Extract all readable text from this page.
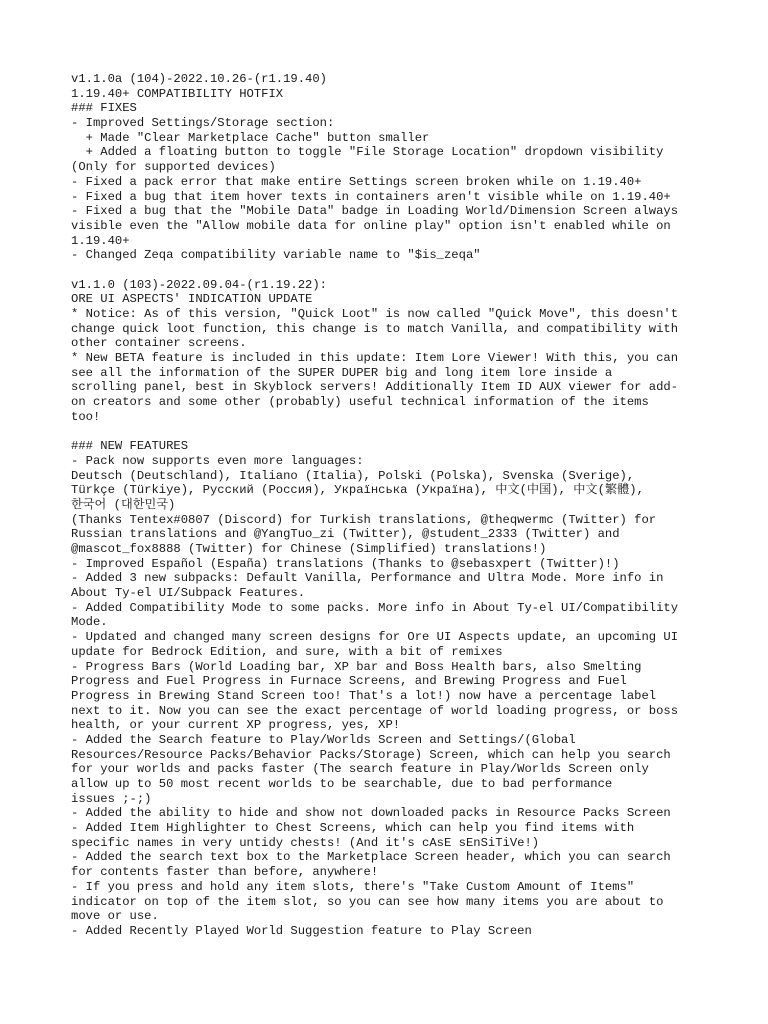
v1.1.0a (104)-2022.10.26-(r1.19.40)
1.19.40+ COMPATIBILITY HOTFIX
### FIXES
- Improved Settings/Storage section:
+ Made "Clear Marketplace Cache" button smaller
+ Added a floating button to toggle "File Storage Location" dropdown visibility
(Only for supported devices)
- Fixed a pack error that make entire Settings screen broken while on 1.19.40+
- Fixed a bug that item hover texts in containers aren't visible while on 1.19.40+
- Fixed a bug that the "Mobile Data" badge in Loading World/Dimension Screen always
visible even the "Allow mobile data for online play" option isn't enabled while on
1.19.40+
- Changed Zeqa compatibility variable name to "$is_zeqa"
v1.1.0 (103)-2022.09.04-(r1.19.22):
ORE UI ASPECTS' INDICATION UPDATE
* Notice: As of this version, "Quick Loot" is now called "Quick Move", this doesn't
change quick loot function, this change is to match Vanilla, and compatibility with
other container screens.
* New BETA feature is included in this update: Item Lore Viewer! With this, you can
see all the information of the SUPER DUPER big and long item lore inside a
scrolling panel, best in Skyblock servers! Additionally Item ID AUX viewer for add-
on creators and some other (probably) useful technical information of the items
too!
### NEW FEATURES
- Pack now supports even more languages:
Deutsch (Deutschland), Italiano (Italia), Polski (Polska), Svenska (Sverige),
Türkçe (Türkiye), Русский (Россия), Українська (Україна), 中文(中国), 中文(繁體),
한국어 (대한민국)
(Thanks Tentex#0807 (Discord) for Turkish translations, @theqwermc (Twitter) for
Russian translations and @YangTuo_zi (Twitter), @student_2333 (Twitter) and
@mascot_fox8888 (Twitter) for Chinese (Simplified) translations!)
- Improved Español (España) translations (Thanks to @sebasxpert (Twitter)!)
- Added 3 new subpacks: Default Vanilla, Performance and Ultra Mode. More info in
About Ty-el UI/Subpack Features.
- Added Compatibility Mode to some packs. More info in About Ty-el UI/Compatibility
Mode.
- Updated and changed many screen designs for Ore UI Aspects update, an upcoming UI
update for Bedrock Edition, and sure, with a bit of remixes
- Progress Bars (World Loading bar, XP bar and Boss Health bars, also Smelting
Progress and Fuel Progress in Furnace Screens, and Brewing Progress and Fuel
Progress in Brewing Stand Screen too! That's a lot!) now have a percentage label
next to it. Now you can see the exact percentage of world loading progress, or boss
health, or your current XP progress, yes, XP!
- Added the Search feature to Play/Worlds Screen and Settings/(Global
Resources/Resource Packs/Behavior Packs/Storage) Screen, which can help you search
for your worlds and packs faster (The search feature in Play/Worlds Screen only
allow up to 50 most recent worlds to be searchable, due to bad performance
issues ;-;)
- Added the ability to hide and show not downloaded packs in Resource Packs Screen
- Added Item Highlighter to Chest Screens, which can help you find items with
specific names in very untidy chests! (And it's cAsE sEnSiTiVe!)
- Added the search text box to the Marketplace Screen header, which you can search
for contents faster than before, anywhere!
- If you press and hold any item slots, there's "Take Custom Amount of Items"
indicator on top of the item slot, so you can see how many items you are about to
move or use.
- Added Recently Played World Suggestion feature to Play Screen
